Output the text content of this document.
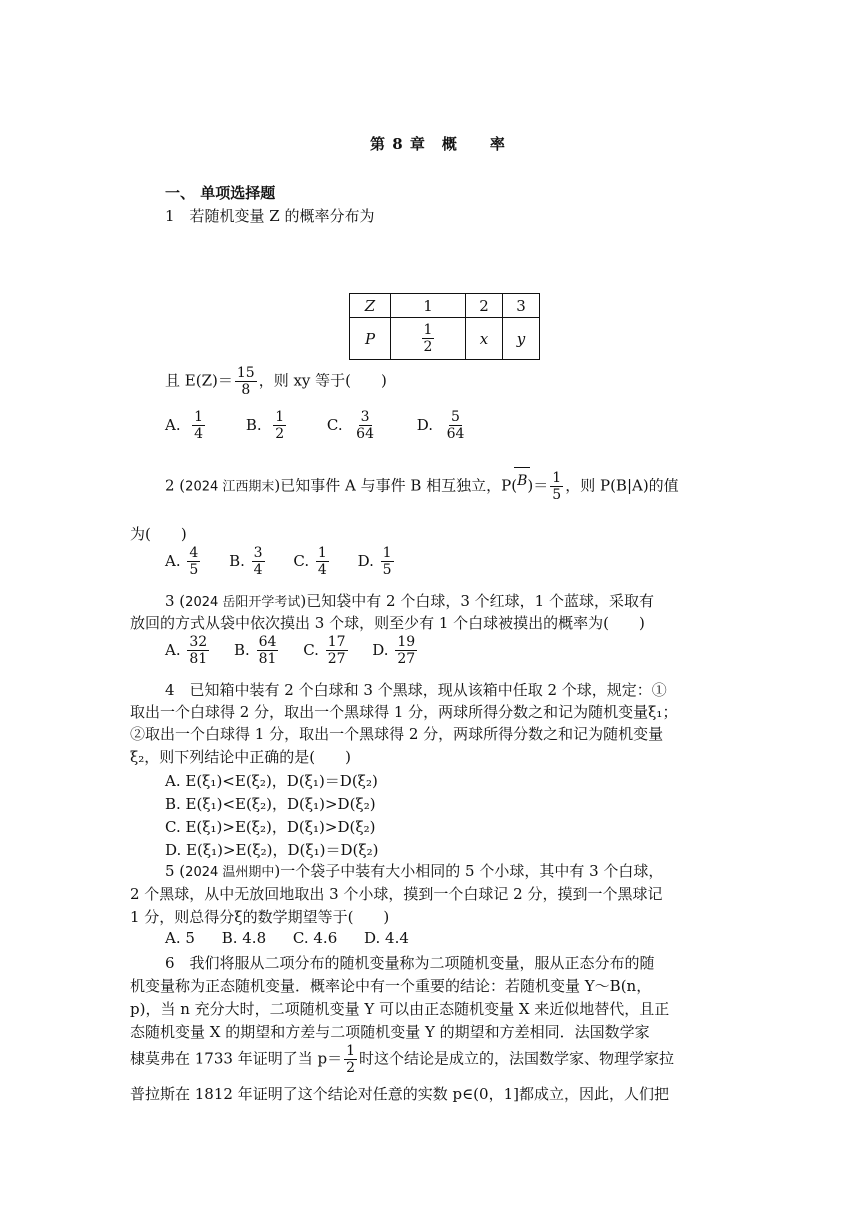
第 8 章　概　　率
一、 单项选择题
1　若随机变量 Z 的概率分布为
Z	1	2	3
P	$\frac{1}{2}$	x	y
且 $E(Z)= \frac{15}{8}$ ，则 xy 等于(　　)
A. $\frac{1}{4}$	B. $\frac{1}{2}$	C. $\frac{3}{64}$	D. $\frac{5}{64}$
2 (2024 江西期末)已知事件 A 与事件 B 相互独立，P(
$B)= \frac{1}{5}$ ，则 P(B|A)的值
为(　　)
A. $\frac{4}{5} B$. $\frac{3}{4} C$. $\frac{1}{4} D$. $\frac{1}{5}$
3 (2024 岳阳开学考试)已知袋中有 2 个白球，3 个红球，1 个蓝球，采取有
放回的方式从袋中依次摸出 3 个球，则至少有 1 个白球被摸出的概率为(　　)
A. $\frac{32}{81} B$. $\frac{64}{81} C$. $\frac{17}{27} D$. $\frac{19}{27}$
4　已知箱中装有 2 个白球和 3 个黑球，现从该箱中任取 2 个球，规定：①
取出一个白球得 2 分，取出一个黑球得 1 分，两球所得分数之和记为随机变量ξ₁；
②取出一个白球得 1 分，取出一个黑球得 2 分，两球所得分数之和记为随机变量
ξ₂，则下列结论中正确的是(　　)
A. E(ξ₁)<E(ξ₂)，D(ξ₁)＝D(ξ₂)
B. E(ξ₁)<E(ξ₂)，D(ξ₁)>D(ξ₂)
C. E(ξ₁)>E(ξ₂)，D(ξ₁)>D(ξ₂)
D. E(ξ₁)>E(ξ₂)，D(ξ₁)＝D(ξ₂)
5 (2024 温州期中)一个袋子中装有大小相同的 5 个小球，其中有 3 个白球，
2 个黑球，从中无放回地取出 3 个小球，摸到一个白球记 2 分，摸到一个黑球记
1 分，则总得分ξ的数学期望等于(　　)
A. 5 B. 4.8 C. 4.6 D. 4.4
6　我们将服从二项分布的随机变量称为二项随机变量，服从正态分布的随
机变量称为正态随机变量．概率论中有一个重要的结论：若随机变量 Y～B(n，
p)，当 n 充分大时，二项随机变量 Y 可以由正态随机变量 X 来近似地替代，且正
态随机变量 X 的期望和方差与二项随机变量 Y 的期望和方差相同．法国数学家
棣莫弗在 1733 年证明了当 $p= \frac{1}{2}$ 时这个结论是成立的，法国数学家、物理学家拉
普拉斯在 1812 年证明了这个结论对任意的实数 p∈(0，1]都成立，因此，人们把
